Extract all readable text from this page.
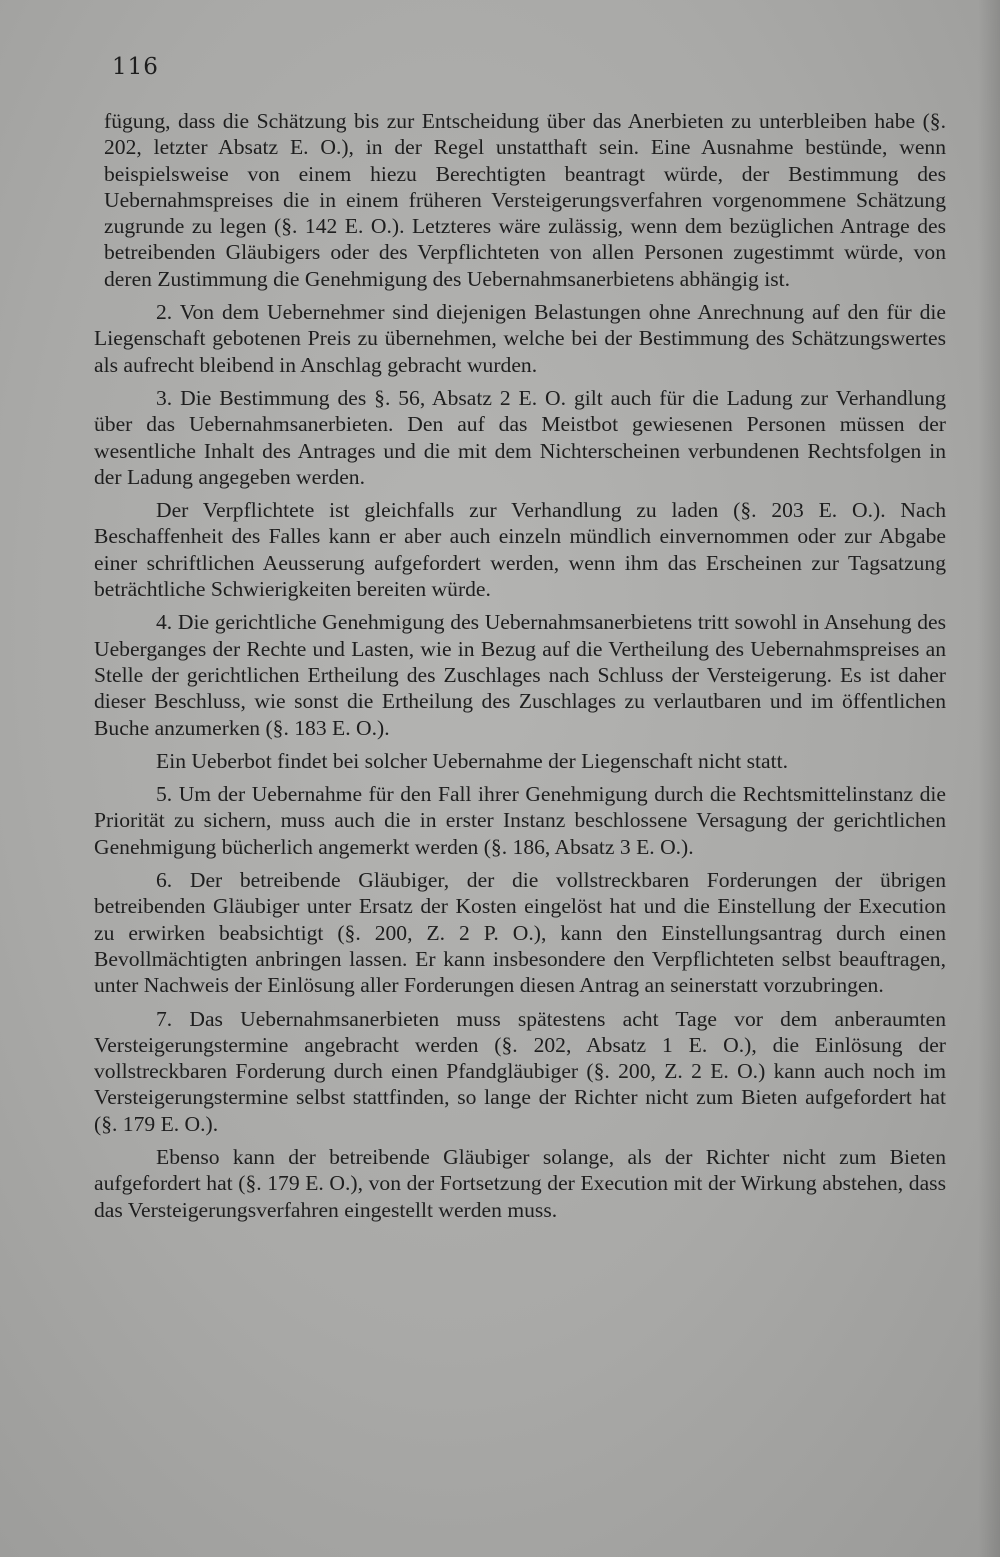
116

fügung, dass die Schätzung bis zur Entscheidung über das Anerbieten zu unterbleiben habe (§. 202, letzter Absatz E. O.), in der Regel unstatthaft sein. Eine Ausnahme bestünde, wenn beispielsweise von einem hiezu Berechtigten beantragt würde, der Bestimmung des Uebernahmspreises die in einem früheren Versteigerungsverfahren vorgenommene Schätzung zugrunde zu legen (§. 142 E. O.). Letzteres wäre zulässig, wenn dem bezüglichen Antrage des betreibenden Gläubigers oder des Verpflichteten von allen Personen zugestimmt würde, von deren Zustimmung die Genehmigung des Uebernahmsanerbietens abhängig ist.

2. Von dem Uebernehmer sind diejenigen Belastungen ohne Anrechnung auf den für die Liegenschaft gebotenen Preis zu übernehmen, welche bei der Bestimmung des Schätzungswertes als aufrecht bleibend in Anschlag gebracht wurden.

3. Die Bestimmung des §. 56, Absatz 2 E. O. gilt auch für die Ladung zur Verhandlung über das Uebernahmsanerbieten. Den auf das Meistbot gewiesenen Personen müssen der wesentliche Inhalt des Antrages und die mit dem Nichterscheinen verbundenen Rechtsfolgen in der Ladung angegeben werden.

Der Verpflichtete ist gleichfalls zur Verhandlung zu laden (§. 203 E. O.). Nach Beschaffenheit des Falles kann er aber auch einzeln mündlich einvernommen oder zur Abgabe einer schriftlichen Aeusserung aufgefordert werden, wenn ihm das Erscheinen zur Tagsatzung beträchtliche Schwierigkeiten bereiten würde.

4. Die gerichtliche Genehmigung des Uebernahmsanerbietens tritt sowohl in Ansehung des Ueberganges der Rechte und Lasten, wie in Bezug auf die Vertheilung des Uebernahmspreises an Stelle der gerichtlichen Ertheilung des Zuschlages nach Schluss der Versteigerung. Es ist daher dieser Beschluss, wie sonst die Ertheilung des Zuschlages zu verlautbaren und im öffentlichen Buche anzumerken (§. 183 E. O.).

Ein Ueberbot findet bei solcher Uebernahme der Liegenschaft nicht statt.

5. Um der Uebernahme für den Fall ihrer Genehmigung durch die Rechtsmittelinstanz die Priorität zu sichern, muss auch die in erster Instanz beschlossene Versagung der gerichtlichen Genehmigung bücherlich angemerkt werden (§. 186, Absatz 3 E. O.).

6. Der betreibende Gläubiger, der die vollstreckbaren Forderungen der übrigen betreibenden Gläubiger unter Ersatz der Kosten eingelöst hat und die Einstellung der Execution zu erwirken beabsichtigt (§. 200, Z. 2 P. O.), kann den Einstellungsantrag durch einen Bevollmächtigten anbringen lassen. Er kann insbesondere den Verpflichteten selbst beauftragen, unter Nachweis der Einlösung aller Forderungen diesen Antrag an seinerstatt vorzubringen.

7. Das Uebernahmsanerbieten muss spätestens acht Tage vor dem anberaumten Versteigerungstermine angebracht werden (§. 202, Absatz 1 E. O.), die Einlösung der vollstreckbaren Forderung durch einen Pfandgläubiger (§. 200, Z. 2 E. O.) kann auch noch im Versteigerungstermine selbst stattfinden, so lange der Richter nicht zum Bieten aufgefordert hat (§. 179 E. O.).

Ebenso kann der betreibende Gläubiger solange, als der Richter nicht zum Bieten aufgefordert hat (§. 179 E. O.), von der Fortsetzung der Execution mit der Wirkung abstehen, dass das Versteigerungsverfahren eingestellt werden muss.
